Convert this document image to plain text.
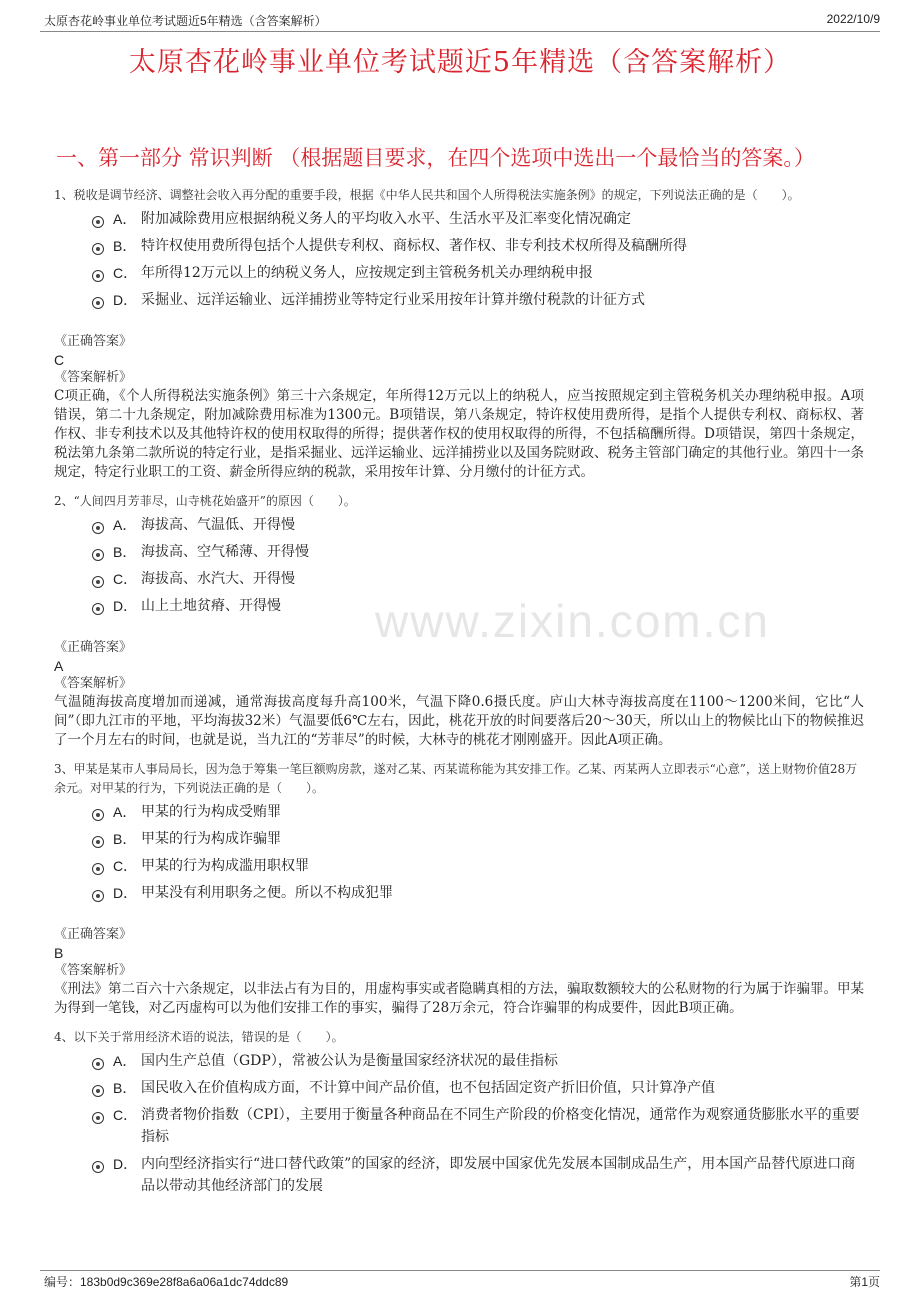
太原杏花岭事业单位考试题近5年精选（含答案解析）	2022/10/9
太原杏花岭事业单位考试题近5年精选（含答案解析）
一、第一部分 常识判断 （根据题目要求，在四个选项中选出一个最恰当的答案。）
www.zixin.com.cn

1、税收是调节经济、调整社会收入再分配的重要手段，根据《中华人民共和国个人所得税法实施条例》的规定，下列说法正确的是（　　）。

A． 附加减除费用应根据纳税义务人的平均收入水平、生活水平及汇率变化情况确定
B． 特许权使用费所得包括个人提供专利权、商标权、著作权、非专利技术权所得及稿酬所得
C． 年所得12万元以上的纳税义务人，应按规定到主管税务机关办理纳税申报
D． 采掘业、远洋运输业、远洋捕捞业等特定行业采用按年计算并缴付税款的计征方式
《正确答案》
C
《答案解析》
C项正确，《个人所得税法实施条例》第三十六条规定，年所得12万元以上的纳税人，应当按照规定到主管税务机关办理纳税申报。A项错误，第二十九条规定，附加减除费用标准为1300元。B项错误，第八条规定，特许权使用费所得，是指个人提供专利权、商标权、著作权、非专利技术以及其他特许权的使用权取得的所得；提供著作权的使用权取得的所得，不包括稿酬所得。D项错误，第四十条规定，税法第九条第二款所说的特定行业，是指采掘业、远洋运输业、远洋捕捞业以及国务院财政、税务主管部门确定的其他行业。第四十一条规定，特定行业职工的工资、薪金所得应纳的税款，采用按年计算、分月缴付的计征方式。

2、“人间四月芳菲尽，山寺桃花始盛开”的原因（　　）。

A． 海拔高、气温低、开得慢
B． 海拔高、空气稀薄、开得慢
C． 海拔高、水汽大、开得慢
D． 山上土地贫瘠、开得慢
《正确答案》
A
《答案解析》
气温随海拔高度增加而递减，通常海拔高度每升高100米，气温下降0.6摄氏度。庐山大林寺海拔高度在1100～1200米间，它比“人间”（即九江市的平地，平均海拔32米）气温要低6℃左右，因此，桃花开放的时间要落后20～30天，所以山上的物候比山下的物候推迟了一个月左右的时间，也就是说，当九江的“芳菲尽”的时候，大林寺的桃花才刚刚盛开。因此A项正确。

3、甲某是某市人事局局长，因为急于筹集一笔巨额购房款，遂对乙某、丙某谎称能为其安排工作。乙某、丙某两人立即表示“心意”，送上财物价值28万余元。对甲某的行为，下列说法正确的是（　　）。

A． 甲某的行为构成受贿罪
B． 甲某的行为构成诈骗罪
C． 甲某的行为构成滥用职权罪
D． 甲某没有利用职务之便。所以不构成犯罪
《正确答案》
B
《答案解析》
《刑法》第二百六十六条规定，以非法占有为目的，用虚构事实或者隐瞒真相的方法，骗取数额较大的公私财物的行为属于诈骗罪。甲某为得到一笔钱，对乙丙虚构可以为他们安排工作的事实，骗得了28万余元，符合诈骗罪的构成要件，因此B项正确。

4、以下关于常用经济术语的说法，错误的是（　　）。

A． 国内生产总值（GDP），常被公认为是衡量国家经济状况的最佳指标
B． 国民收入在价值构成方面，不计算中间产品价值，也不包括固定资产折旧价值，只计算净产值
C． 消费者物价指数（CPI），主要用于衡量各种商品在不同生产阶段的价格变化情况，通常作为观察通货膨胀水平的重要指标
D． 内向型经济指实行“进口替代政策”的国家的经济，即发展中国家优先发展本国制成品生产，用本国产品替代原进口商品以带动其他经济部门的发展
编号：183b0d9c369e28f8a6a06a1dc74ddc89	第1页
